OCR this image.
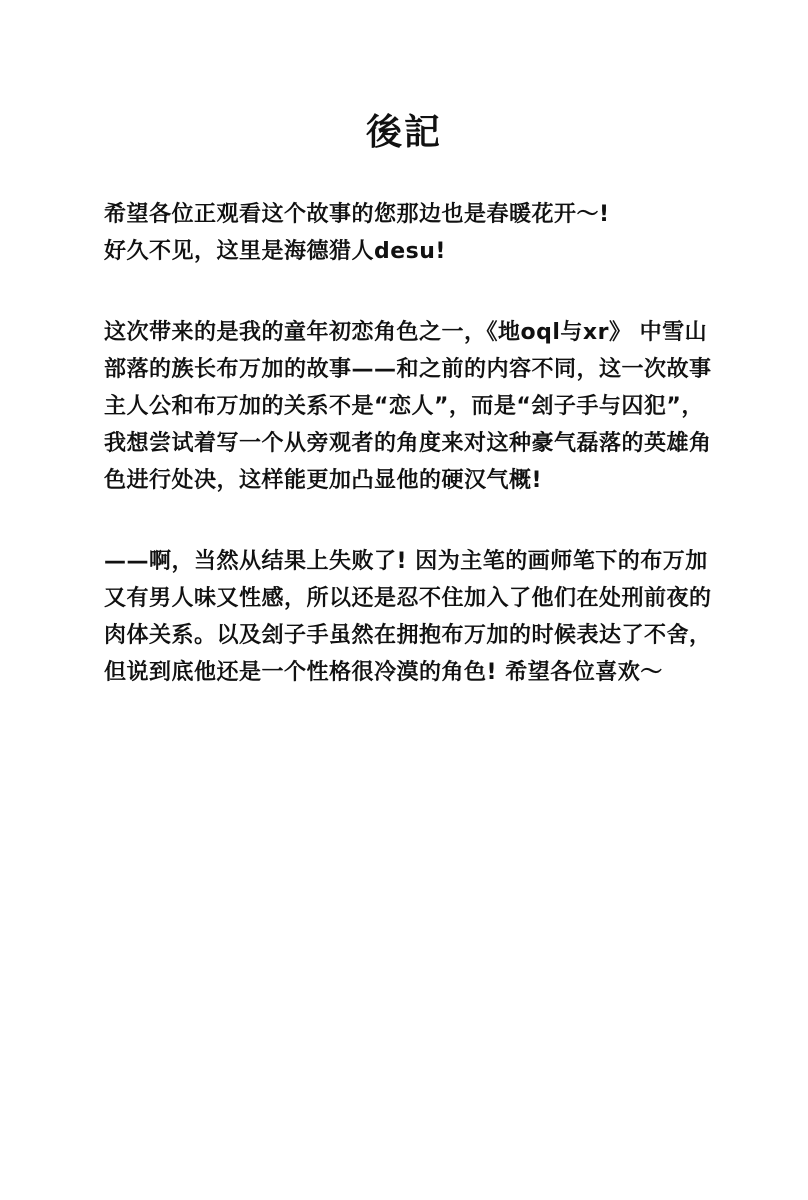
後記
希望各位正观看这个故事的您那边也是春暖花开～!
好久不见，这里是海德猎人desu!
这次带来的是我的童年初恋角色之一，《地oql与xr》 中雪山
部落的族长布万加的故事——和之前的内容不同，这一次故事
主人公和布万加的关系不是“恋人”，而是“刽子手与囚犯”，
我想尝试着写一个从旁观者的角度来对这种豪气磊落的英雄角
色进行处决，这样能更加凸显他的硬汉气概!
——啊，当然从结果上失败了! 因为主笔的画师笔下的布万加
又有男人味又性感，所以还是忍不住加入了他们在处刑前夜的
肉体关系。以及刽子手虽然在拥抱布万加的时候表达了不舍，
但说到底他还是一个性格很冷漠的角色! 希望各位喜欢～
